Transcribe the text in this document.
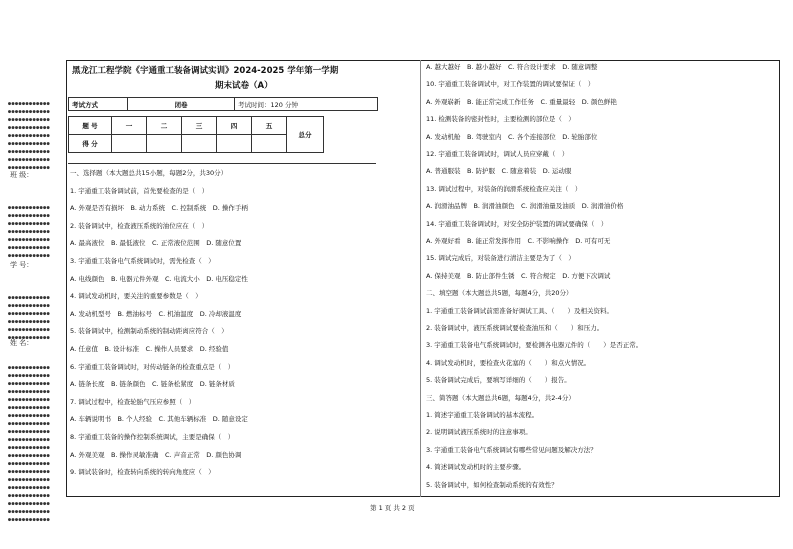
●●●●●●●●●●●●
●●●●●●●●●●●●
●●●●●●●●●●●●
●●●●●●●●●●●●
●●●●●●●●●●●●
●●●●●●●●●●●●
●●●●●●●●●●●●
●●●●●●●●●●●●
●●●●●●●●●●●●
班 级：

●●●●●●●●●●●●
●●●●●●●●●●●●
●●●●●●●●●●●●
●●●●●●●●●●●●
●●●●●●●●●●●●
●●●●●●●●●●●●
●●●●●●●●●●●●
学 号：

●●●●●●●●●●●●
●●●●●●●●●●●●
●●●●●●●●●●●●
●●●●●●●●●●●●
●●●●●●●●●●●●
●●●●●●●●●●●●
姓 名：

●●●●●●●●●●●●
●●●●●●●●●●●●
●●●●●●●●●●●●
●●●●●●●●●●●●
●●●●●●●●●●●●
●●●●●●●●●●●●
●●●●●●●●●●●●
●●●●●●●●●●●●
●●●●●●●●●●●●
●●●●●●●●●●●●
●●●●●●●●●●●●
●●●●●●●●●●●●
●●●●●●●●●●●●
●●●●●●●●●●●●
●●●●●●●●●●●●
●●●●●●●●●●●●
●●●●●●●●●●●●
●●●●●●●●●●●●
●●●●●●●●●●●●
●●●●●●●●●●●●
黑龙江工程学院《宇通重工装备调试实训》2024-2025 学年第一学期
期末试卷（A）
考试方式	闭卷	考试时间：120 分钟
题 号	一	二	三	四	五	总分
得 分						
一、选择题（本大题总共15小题，每题2分，共30分）
1. 宇通重工装备调试前，首先要检查的是（　）
A. 外观是否有损坏　B. 动力系统　C. 控制系统　D. 操作手柄
2. 装备调试中，检查液压系统的油位应在（　）
A. 最高液位　B. 最低液位　C. 正常液位范围　D. 随意位置
3. 宇通重工装备电气系统调试时，需先检查（　）
A. 电线颜色　B. 电器元件外观　C. 电流大小　D. 电压稳定性
4. 调试发动机时，要关注的重要参数是（　）
A. 发动机型号　B. 燃油标号　C. 机油温度　D. 冷却液温度
5. 装备调试中，检测制动系统的制动距离应符合（　）
A. 任意值　B. 设计标准　C. 操作人员要求　D. 经验值
6. 宇通重工装备调试时，对传动链条的检查重点是（　）
A. 链条长度　B. 链条颜色　C. 链条松紧度　D. 链条材质
7. 调试过程中，检查轮胎气压应参照（　）
A. 车辆说明书　B. 个人经验　C. 其他车辆标准　D. 随意设定
8. 宇通重工装备的操作控制系统调试，主要是确保（　）
A. 外观美观　B. 操作灵敏准确　C. 声音正常　D. 颜色协调
9. 调试装备时，检查转向系统的转向角度应（　）
A. 越大越好　B. 越小越好　C. 符合设计要求　D. 随意调整
10. 宇通重工装备调试中，对工作装置的调试要保证（　）
A. 外观崭新　B. 能正常完成工作任务　C. 重量最轻　D. 颜色鲜艳
11. 检测装备的密封性时，主要检测的部位是（　）
A. 发动机舱　B. 驾驶室内　C. 各个连接部位　D. 轮胎部位
12. 宇通重工装备调试时，调试人员应穿戴（　）
A. 普通服装　B. 防护服　C. 随意着装　D. 运动服
13. 调试过程中，对装备的润滑系统检查应关注（　）
A. 润滑油品牌　B. 润滑油颜色　C. 润滑油量及油质　D. 润滑油价格
14. 宇通重工装备调试时，对安全防护装置的调试要确保（　）
A. 外观好看　B. 能正常发挥作用　C. 不影响操作　D. 可有可无
15. 调试完成后，对装备进行清洁主要是为了（　）
A. 保持美观　B. 防止部件生锈　C. 符合规定　D. 方便下次调试
二、填空题（本大题总共5题，每题4分，共20分）
1. 宇通重工装备调试前需准备好调试工具、（　　）及相关资料。
2. 装备调试中，液压系统调试要检查油压和（　　）和压力。
3. 宇通重工装备电气系统调试时，要检测各电器元件的（　　）是否正常。
4. 调试发动机时，要检查火花塞的（　　）和点火情况。
5. 装备调试完成后，要填写详细的（　　）报告。
三、简答题（本大题总共6题，每题4分，共2-4分）
1. 简述宇通重工装备调试的基本流程。
2. 说明调试液压系统时的注意事项。
3. 宇通重工装备电气系统调试有哪些常见问题及解决方法？
4. 简述调试发动机时的主要步骤。
5. 装备调试中，如何检查制动系统的有效性？
第 1 页 共 2 页
